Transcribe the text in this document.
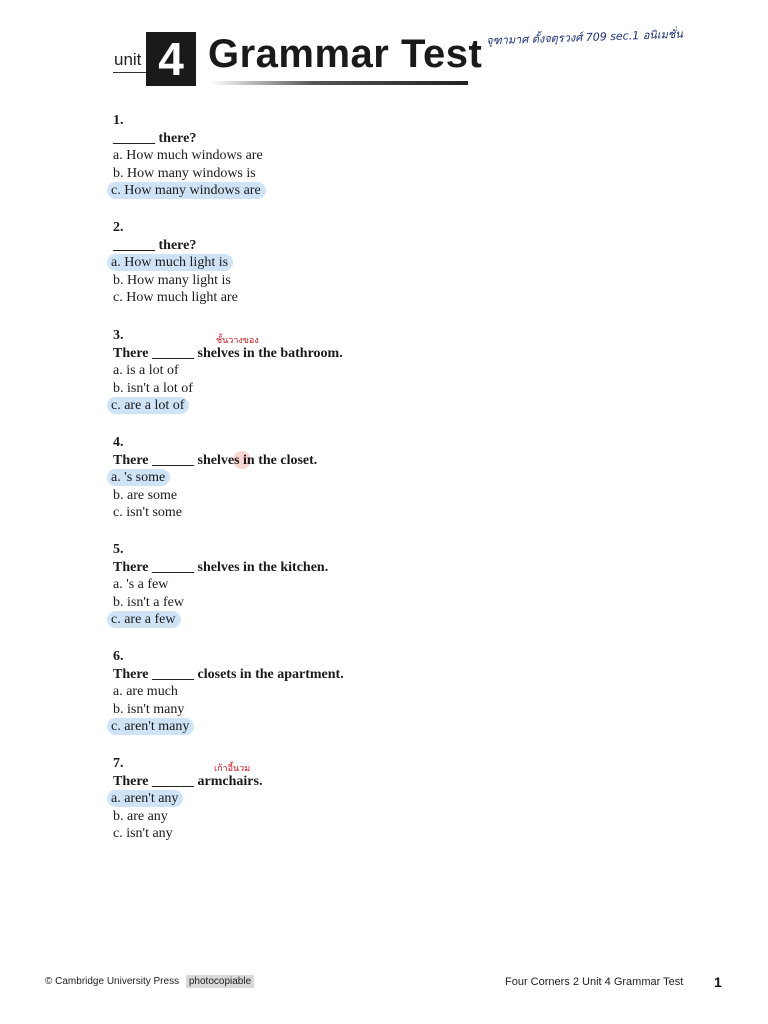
unit 4 Grammar Test จุฑามาศ ตั้งจตุรวงศ์ 709 sec.1 อนิเมชั่น
1.
______ there?
a. How much windows are
b. How many windows is
c. How many windows are
2.
______ there?
a. How much light is
b. How many light is
c. How much light are
ชั้นวางของ
3.
There ______ shelves in the bathroom.
a. is a lot of
b. isn't a lot of
c. are a lot of
4.
There ______ shelves in the closet.
a. 's some
b. are some
c. isn't some
5.
There ______ shelves in the kitchen.
a. 's a few
b. isn't a few
c. are a few
6.
There ______ closets in the apartment.
a. are much
b. isn't many
c. aren't many
เก้าอี้นวม
7.
There ______ armchairs.
a. aren't any
b. are any
c. isn't any
© Cambridge University Press photocopiable	Four Corners 2 Unit 4 Grammar Test 1
